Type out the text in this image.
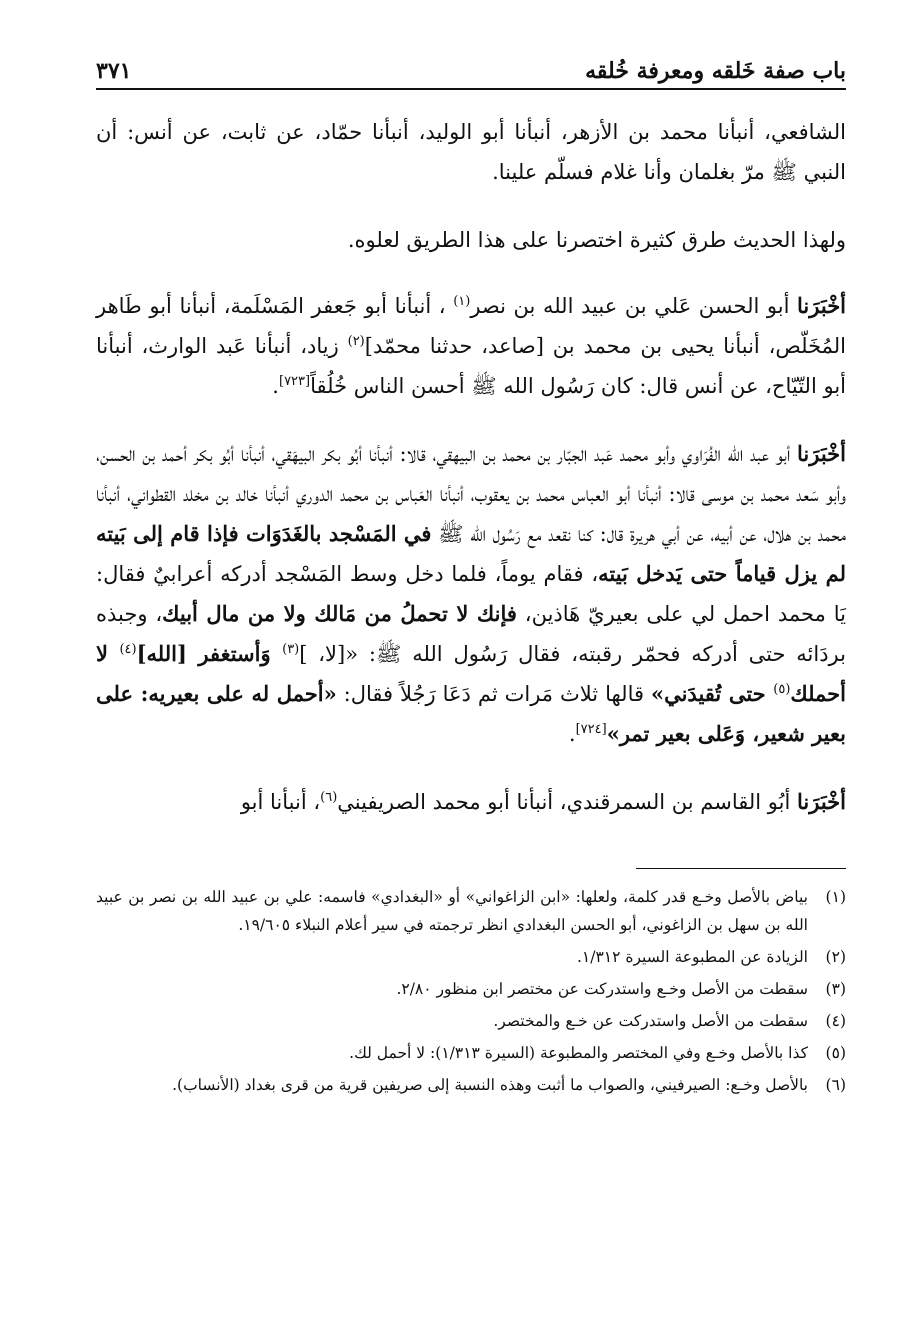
باب صفة خَلقه ومعرفة خُلقه
٣٧١

الشافعي، أنبأنا محمد بن الأزهر، أنبأنا أبو الوليد، أنبأنا حمّاد، عن ثابت، عن أنس: أن النبي ﷺ مرّ بغلمان وأنا غلام فسلّم علينا.

ولهذا الحديث طرق كثيرة اختصرنا على هذا الطريق لعلوه.

أخْبَرَنا أبو الحسن عَلي بن عبيد الله بن نصر$^{(١)}$ ، أنبأنا أبو جَعفر المَسْلَمة، أنبأنا أبو طَاهر المُخَلّص، أنبأنا يحيى بن محمد بن [صاعد، حدثنا محمّد]$^{(٢)}$ زياد، أنبأنا عَبد الوارث، أنبأنا أبو التّيّاح، عن أنس قال: كان رَسُول الله ﷺ أحسن الناس خُلُقاً[٧٢٣].

أخْبَرَنا أبو عبد الله الفُرَاوي وأبو محمد عَبد الجبّار بن محمد بن البيهقي، قالا: أنبأنا أبُو بكر البيهَقي، أنبأنا أبُو بكر أحمد بن الحسن، وأبو سَعد محمد بن موسى قالا: أنبأنا أبو العباس محمد بن يعقوب، أنبأنا العَباس بن محمد الدوري أنبأنا خالد بن مخلد القطواني، أنبأنا محمد بن هلال، عن أبيه، عن أبي هريرة قال: كنا نقعد مع رَسُول الله ﷺ في المَسْجد بالغَدَوَات فإذا قام إلى بَيته لم يزل قياماً حتى يَدخل بَيته، فقام يوماً، فلما دخل وسط المَسْجد أدركه أعرابيٌ فقال: يَا محمد احمل لي على بعيريّ هَاذين، فإنك لا تحملُ من مَالك ولا من مال أبيك، وجبذه بردَائه حتى أدركه فحمّر رقبته، فقال رَسُول الله ﷺ: «[لا، ]$^{(٣)}$ وَأستغفر [الله]$^{(٤)}$ لا أحملك$^{(٥)}$ حتى تُقيدَني» قالها ثلاث مَرات ثم دَعَا رَجُلاً فقال: «أحمل له على بعيريه: على بعير شعير، وَعَلى بعير تمر»[٧٢٤].

أخْبَرَنا أبُو القاسم بن السمرقندي، أنبأنا أبو محمد الصريفيني$^{(٦)}$، أنبأنا أبو

(١)
بياض بالأصل وخـع قدر كلمة، ولعلها: «ابن الزاغواني» أو «البغدادي» فاسمه: علي بن عبيد الله بن نصر بن عبيد الله بن سهل بن الزاغوني، أبو الحسن البغدادي انظر ترجمته في سير أعلام النبلاء ١٩/٦٠٥.
(٢)
الزيادة عن المطبوعة السيرة ١/٣١٢.
(٣)
سقطت من الأصل وخـع واستدركت عن مختصر ابن منظور ٢/٨٠.
(٤)
سقطت من الأصل واستدركت عن خـع والمختصر.
(٥)
كذا بالأصل وخـع وفي المختصر والمطبوعة (السيرة ١/٣١٣): لا أحمل لك.
(٦)
بالأصل وخـع: الصيرفيني، والصواب ما أثبت وهذه النسبة إلى صريفين قرية من قرى بغداد (الأنساب).
